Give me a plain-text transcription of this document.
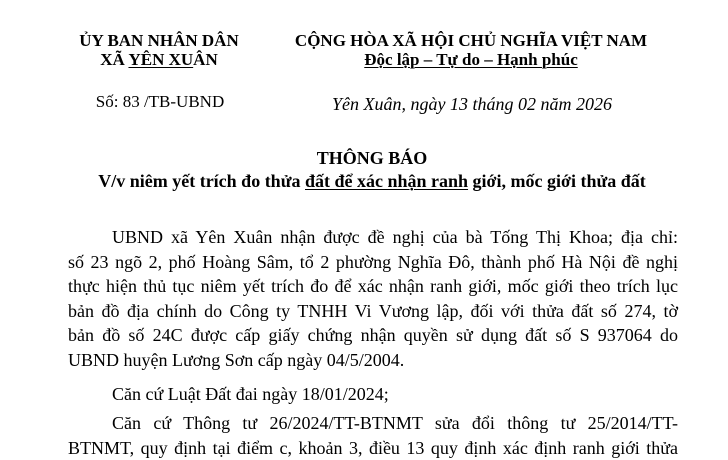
ỦY BAN NHÂN DÂN
XÃ YÊN XUÂN
CỘNG HÒA XÃ HỘI CHỦ NGHĨA VIỆT NAM
Độc lập – Tự do – Hạnh phúc
Số: 83 /TB-UBND	Yên Xuân, ngày 13 tháng 02 năm 2026
THÔNG BÁO
V/v niêm yết trích đo thửa đất để xác nhận ranh giới, mốc giới thửa đất
UBND xã Yên Xuân nhận được đề nghị của bà Tống Thị Khoa; địa chỉ:
số 23 ngõ 2, phố Hoàng Sâm, tổ 2 phường Nghĩa Đô, thành phố Hà Nội đề nghị
thực hiện thủ tục niêm yết trích đo để xác nhận ranh giới, mốc giới theo trích lục
bản đồ địa chính do Công ty TNHH Vi Vương lập, đối với thửa đất số 274, tờ
bản đồ số 24C được cấp giấy chứng nhận quyền sử dụng đất số S 937064 do
UBND huyện Lương Sơn cấp ngày 04/5/2004.
Căn cứ Luật Đất đai ngày 18/01/2024;
Căn cứ Thông tư 26/2024/TT-BTNMT sửa đổi thông tư 25/2014/TT-
BTNMT, quy định tại điểm c, khoản 3, điều 13 quy định xác định ranh giới thửa
